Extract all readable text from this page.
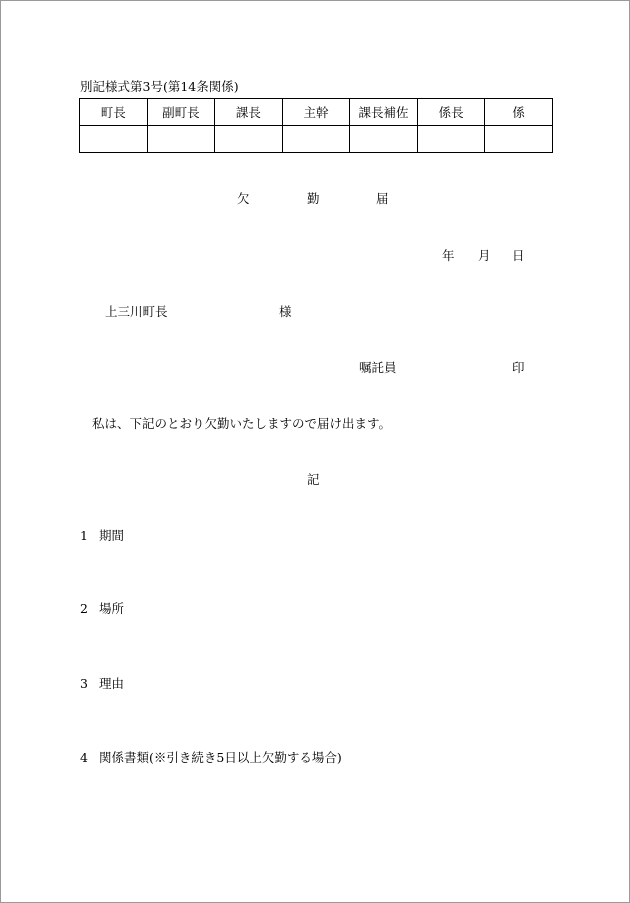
別記様式第3号(第14条関係)
町長	副町長	課長	主幹	課長補佐	係長	係

欠	勤	届
年 月 日
上三川町長	様
嘱託員	印
私は、下記のとおり欠勤いたしますので届け出ます。
記
1 期間
2 場所
3 理由
4 関係書類(※引き続き5日以上欠勤する場合)
